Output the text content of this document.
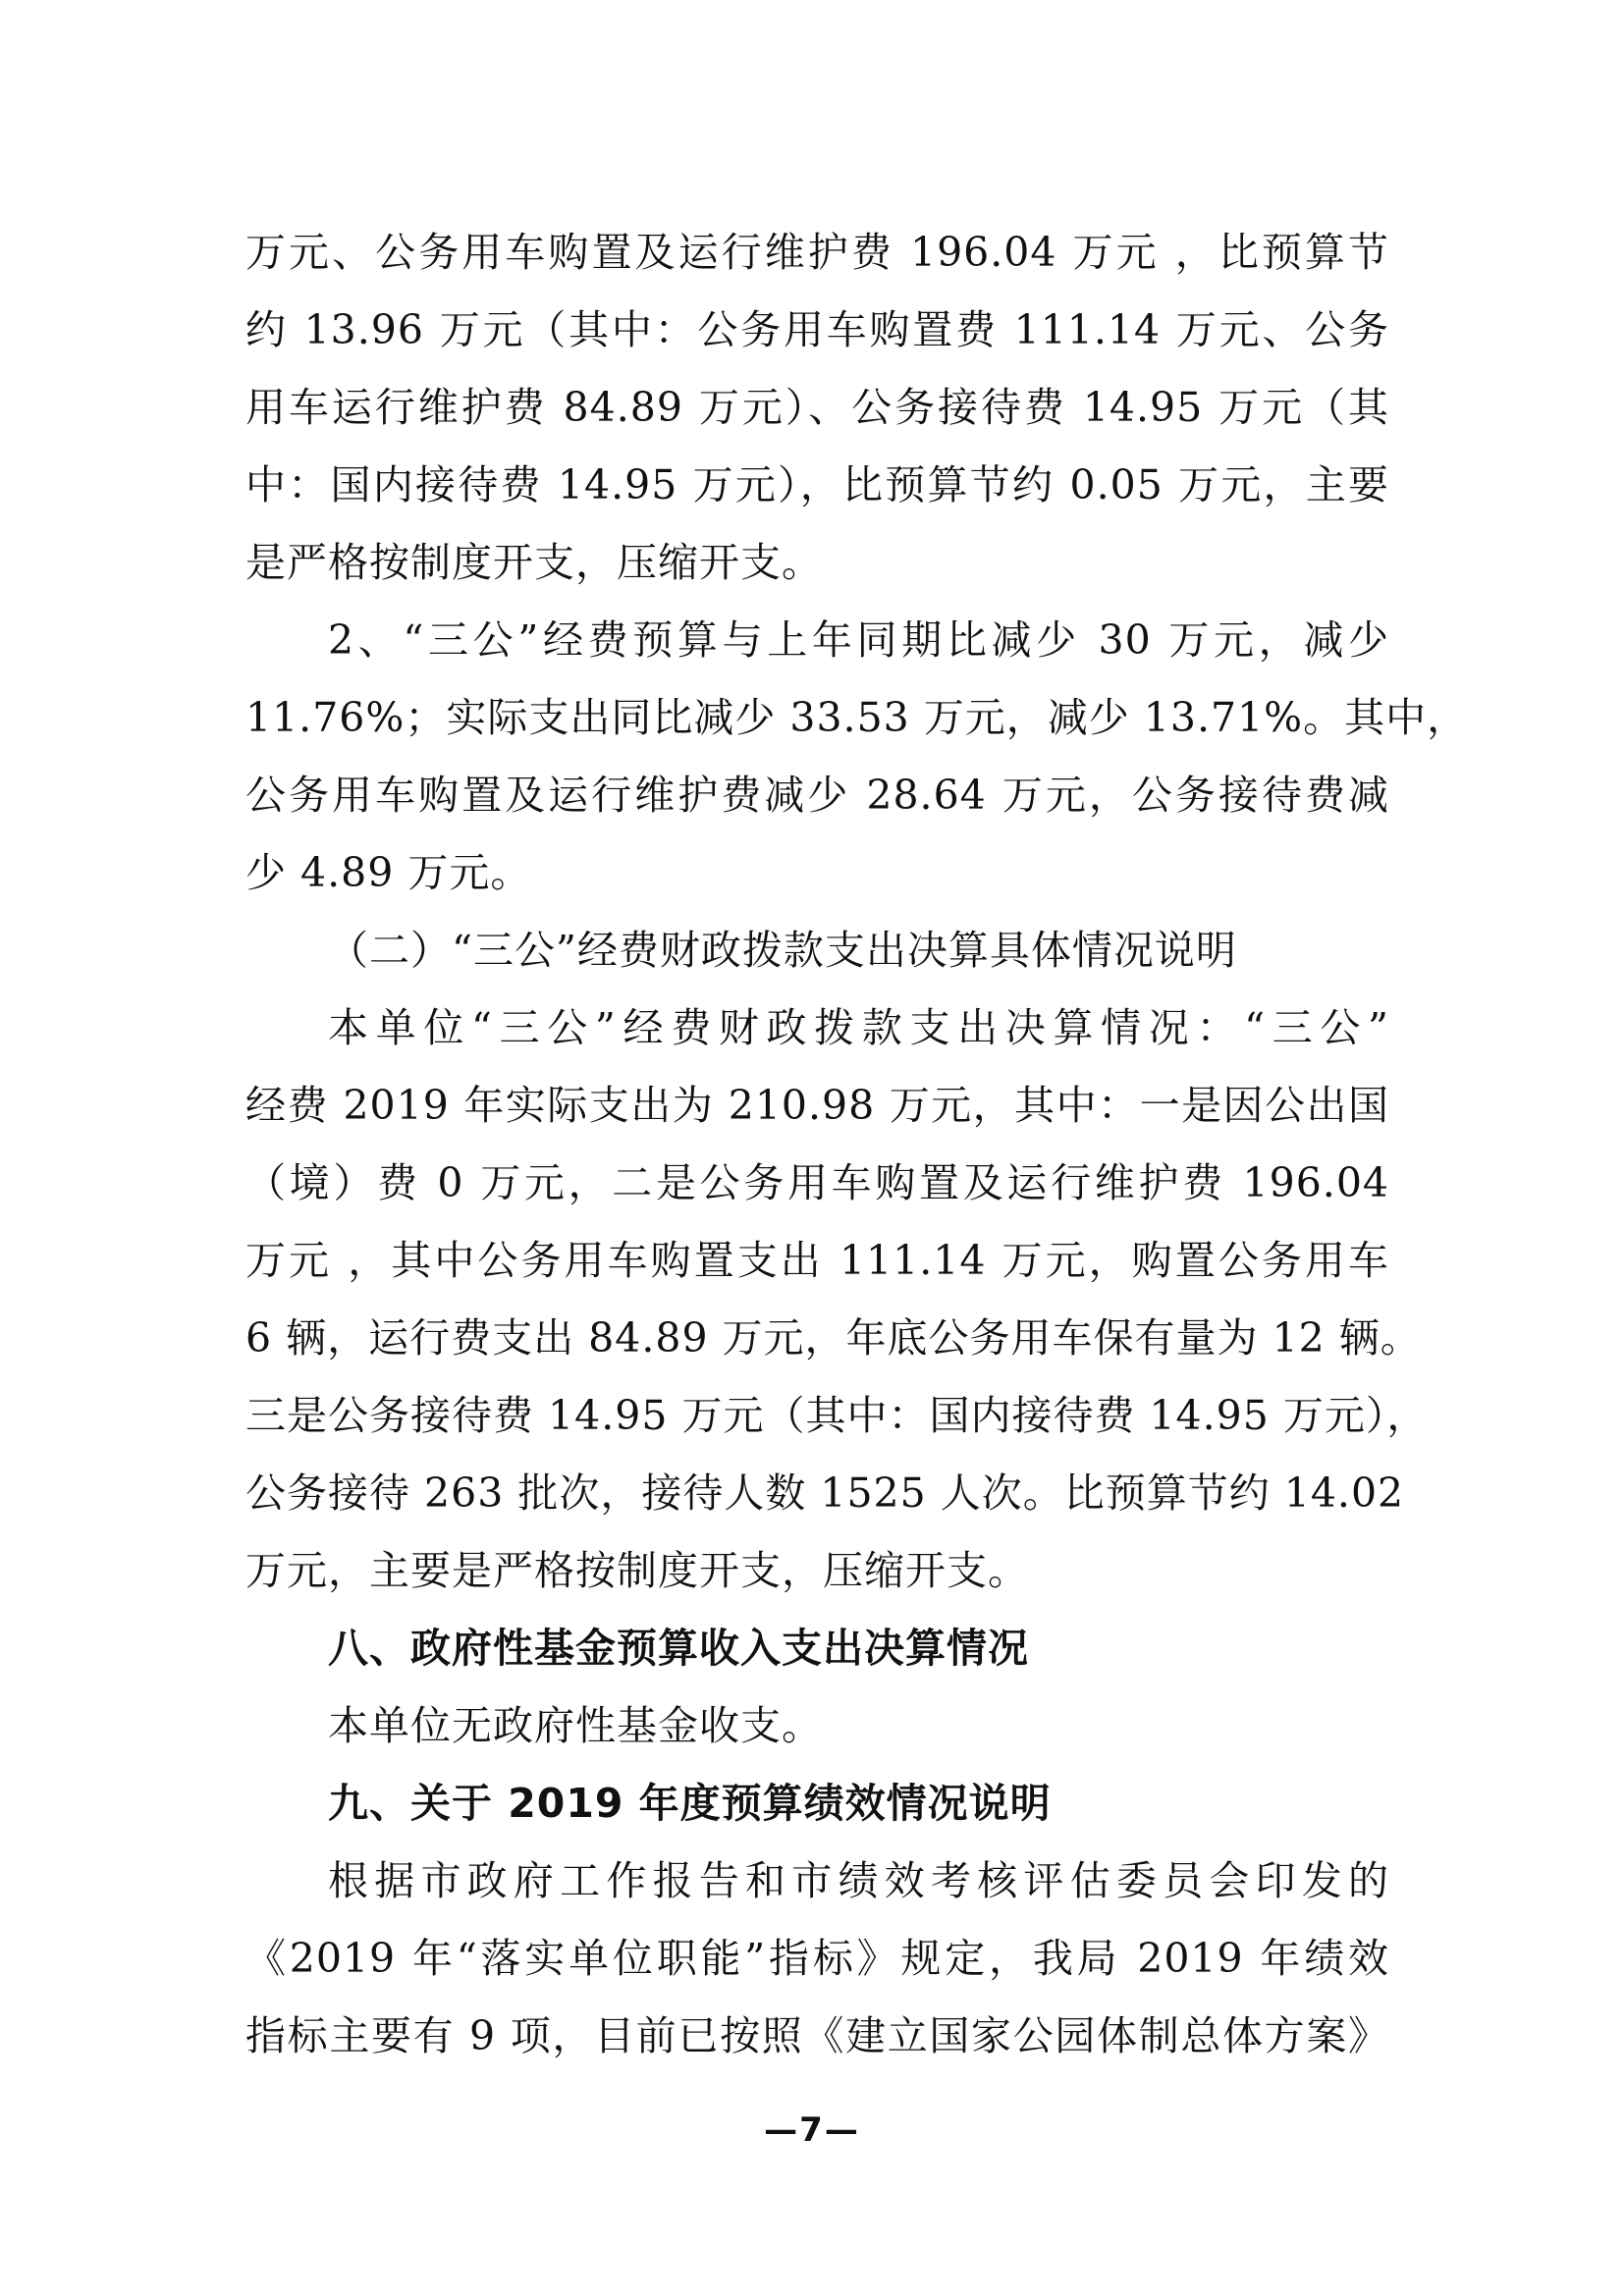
万元、公务用车购置及运行维护费 196.04 万元 ，比预算节
约 13.96 万元（其中：公务用车购置费 111.14 万元、公务
用车运行维护费 84.89 万元）、公务接待费 14.95 万元（其
中：国内接待费 14.95 万元），比预算节约 0.05 万元，主要
是严格按制度开支，压缩开支。
2、“三公”经费预算与上年同期比减少 30 万元，减少
11.76%；实际支出同比减少 33.53 万元，减少 13.71%。其中，
公务用车购置及运行维护费减少 28.64 万元，公务接待费减
少 4.89 万元。
（二）“三公”经费财政拨款支出决算具体情况说明
本单位“三公”经费财政拨款支出决算情况：“三公”
经费 2019 年实际支出为 210.98 万元，其中：一是因公出国
（境）费 0 万元，二是公务用车购置及运行维护费 196.04
万元 ，其中公务用车购置支出 111.14 万元，购置公务用车
6 辆，运行费支出 84.89 万元，年底公务用车保有量为 12 辆。
三是公务接待费 14.95 万元（其中：国内接待费 14.95 万元），
公务接待 263 批次，接待人数 1525 人次。比预算节约 14.02
万元，主要是严格按制度开支，压缩开支。
八、政府性基金预算收入支出决算情况
本单位无政府性基金收支。
九、关于 2019 年度预算绩效情况说明
根据市政府工作报告和市绩效考核评估委员会印发的
《2019 年“落实单位职能”指标》规定，我局 2019 年绩效
指标主要有 9 项，目前已按照《建立国家公园体制总体方案》
—7—
